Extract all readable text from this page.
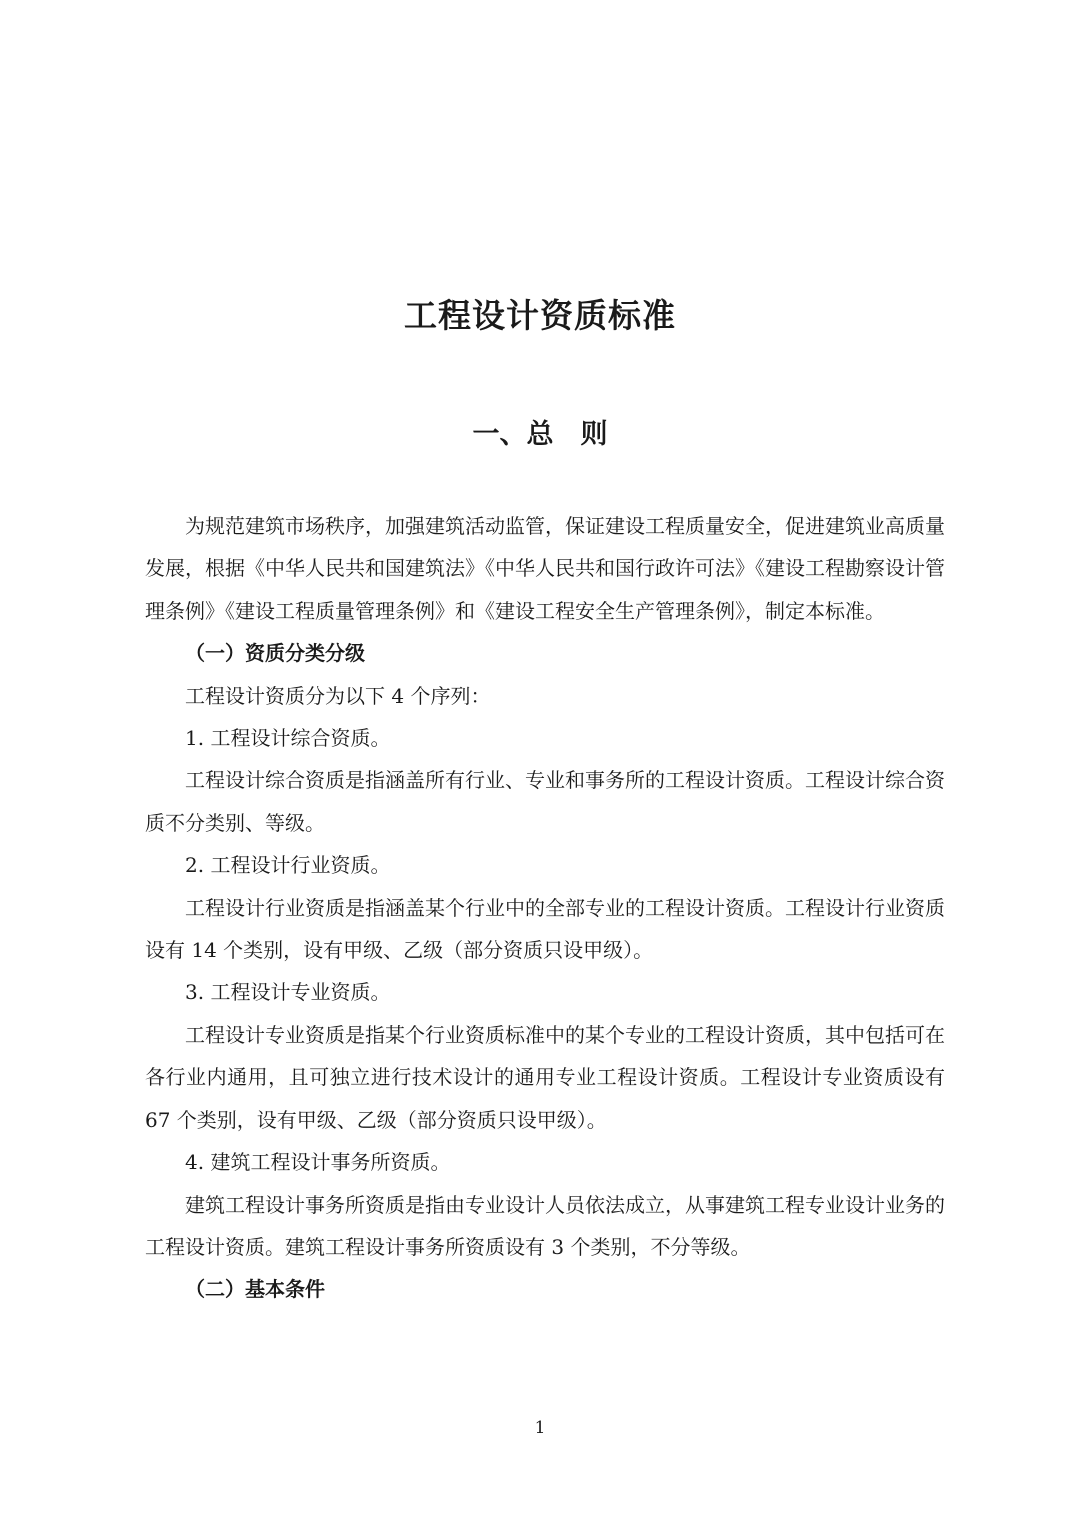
工程设计资质标准
一、总　则

为规范建筑市场秩序，加强建筑活动监管，保证建设工程质量安全，促进建筑业高质量发展，根据《中华人民共和国建筑法》《中华人民共和国行政许可法》《建设工程勘察设计管理条例》《建设工程质量管理条例》和《建设工程安全生产管理条例》，制定本标准。

（一）资质分类分级

工程设计资质分为以下 4 个序列：

1. 工程设计综合资质。

工程设计综合资质是指涵盖所有行业、专业和事务所的工程设计资质。工程设计综合资质不分类别、等级。

2. 工程设计行业资质。

工程设计行业资质是指涵盖某个行业中的全部专业的工程设计资质。工程设计行业资质设有 14 个类别，设有甲级、乙级（部分资质只设甲级）。

3. 工程设计专业资质。

工程设计专业资质是指某个行业资质标准中的某个专业的工程设计资质，其中包括可在各行业内通用，且可独立进行技术设计的通用专业工程设计资质。工程设计专业资质设有 67 个类别，设有甲级、乙级（部分资质只设甲级）。

4. 建筑工程设计事务所资质。

建筑工程设计事务所资质是指由专业设计人员依法成立，从事建筑工程专业设计业务的工程设计资质。建筑工程设计事务所资质设有 3 个类别，不分等级。

（二）基本条件

1
